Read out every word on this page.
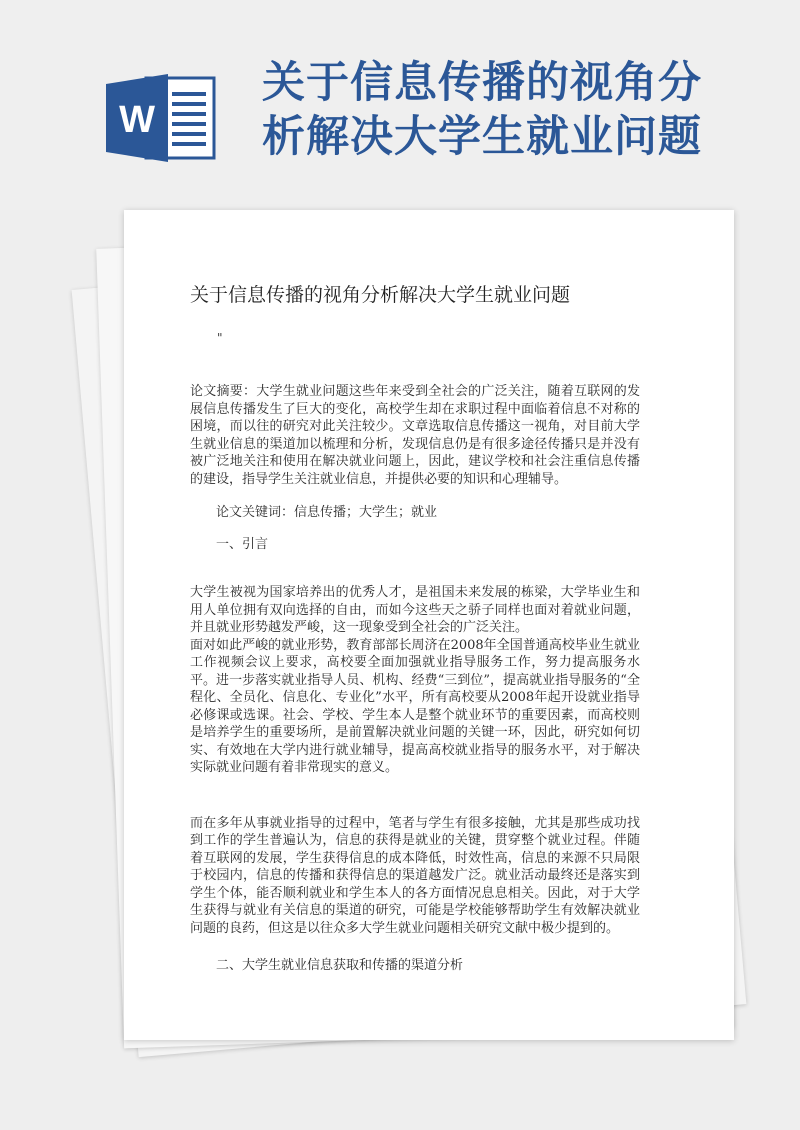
W
关于信息传播的视角分
析解决大学生就业问题
关于信息传播的视角分析解决大学生就业问题
"

论文摘要：大学生就业问题这些年来受到全社会的广泛关注，随着互联网的发展信息传播发生了巨大的变化，高校学生却在求职过程中面临着信息不对称的困境，而以往的研究对此关注较少。文章选取信息传播这一视角，对目前大学生就业信息的渠道加以梳理和分析，发现信息仍是有很多途径传播只是并没有被广泛地关注和使用在解决就业问题上，因此，建议学校和社会注重信息传播的建设，指导学生关注就业信息，并提供必要的知识和心理辅导。

论文关键词：信息传播；大学生；就业

一、引言

大学生被视为国家培养出的优秀人才，是祖国未来发展的栋梁，大学毕业生和用人单位拥有双向选择的自由，而如今这些天之骄子同样也面对着就业问题，并且就业形势越发严峻，这一现象受到全社会的广泛关注。

面对如此严峻的就业形势，教育部部长周济在2008年全国普通高校毕业生就业工作视频会议上要求，高校要全面加强就业指导服务工作，努力提高服务水平。进一步落实就业指导人员、机构、经费“三到位”，提高就业指导服务的“全程化、全员化、信息化、专业化”水平，所有高校要从2008年起开设就业指导必修课或选课。社会、学校、学生本人是整个就业环节的重要因素，而高校则是培养学生的重要场所，是前置解决就业问题的关键一环，因此，研究如何切实、有效地在大学内进行就业辅导，提高高校就业指导的服务水平，对于解决实际就业问题有着非常现实的意义。

而在多年从事就业指导的过程中，笔者与学生有很多接触，尤其是那些成功找到工作的学生普遍认为，信息的获得是就业的关键，贯穿整个就业过程。伴随着互联网的发展，学生获得信息的成本降低，时效性高，信息的来源不只局限于校园内，信息的传播和获得信息的渠道越发广泛。就业活动最终还是落实到学生个体，能否顺利就业和学生本人的各方面情况息息相关。因此，对于大学生获得与就业有关信息的渠道的研究，可能是学校能够帮助学生有效解决就业问题的良药，但这是以往众多大学生就业问题相关研究文献中极少提到的。

二、大学生就业信息获取和传播的渠道分析
